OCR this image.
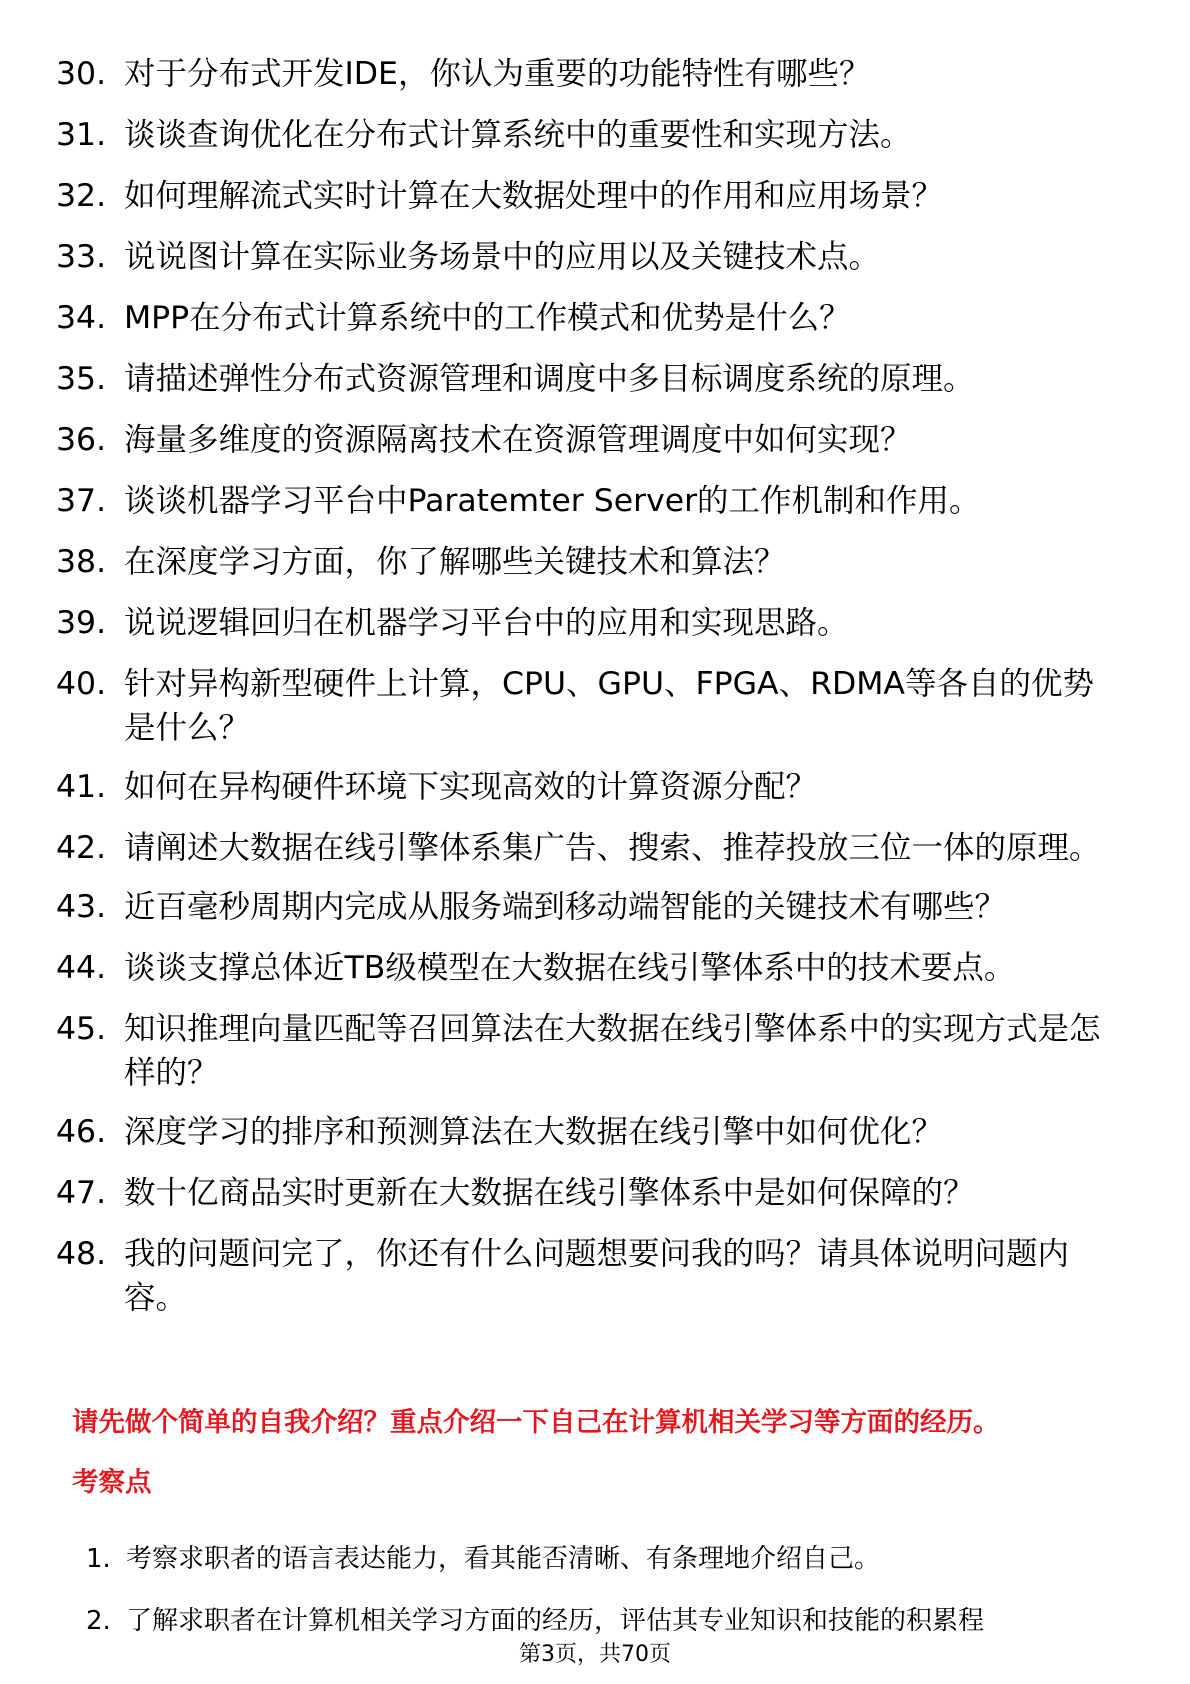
30. 对于分布式开发IDE，你认为重要的功能特性有哪些？
31. 谈谈查询优化在分布式计算系统中的重要性和实现方法。
32. 如何理解流式实时计算在大数据处理中的作用和应用场景？
33. 说说图计算在实际业务场景中的应用以及关键技术点。
34. MPP在分布式计算系统中的工作模式和优势是什么？
35. 请描述弹性分布式资源管理和调度中多目标调度系统的原理。
36. 海量多维度的资源隔离技术在资源管理调度中如何实现？
37. 谈谈机器学习平台中Paratemter Server的工作机制和作用。
38. 在深度学习方面，你了解哪些关键技术和算法？
39. 说说逻辑回归在机器学习平台中的应用和实现思路。
40. 针对异构新型硬件上计算，CPU、GPU、FPGA、RDMA等各自的优势是什么？
41. 如何在异构硬件环境下实现高效的计算资源分配？
42. 请阐述大数据在线引擎体系集广告、搜索、推荐投放三位一体的原理。
43. 近百毫秒周期内完成从服务端到移动端智能的关键技术有哪些？
44. 谈谈支撑总体近TB级模型在大数据在线引擎体系中的技术要点。
45. 知识推理向量匹配等召回算法在大数据在线引擎体系中的实现方式是怎样的？
46. 深度学习的排序和预测算法在大数据在线引擎中如何优化？
47. 数十亿商品实时更新在大数据在线引擎体系中是如何保障的？
48. 我的问题问完了，你还有什么问题想要问我的吗？请具体说明问题内容。
请先做个简单的自我介绍？重点介绍一下自己在计算机相关学习等方面的经历。
考察点
1. 考察求职者的语言表达能力，看其能否清晰、有条理地介绍自己。
2. 了解求职者在计算机相关学习方面的经历，评估其专业知识和技能的积累程
第3页，共70页
